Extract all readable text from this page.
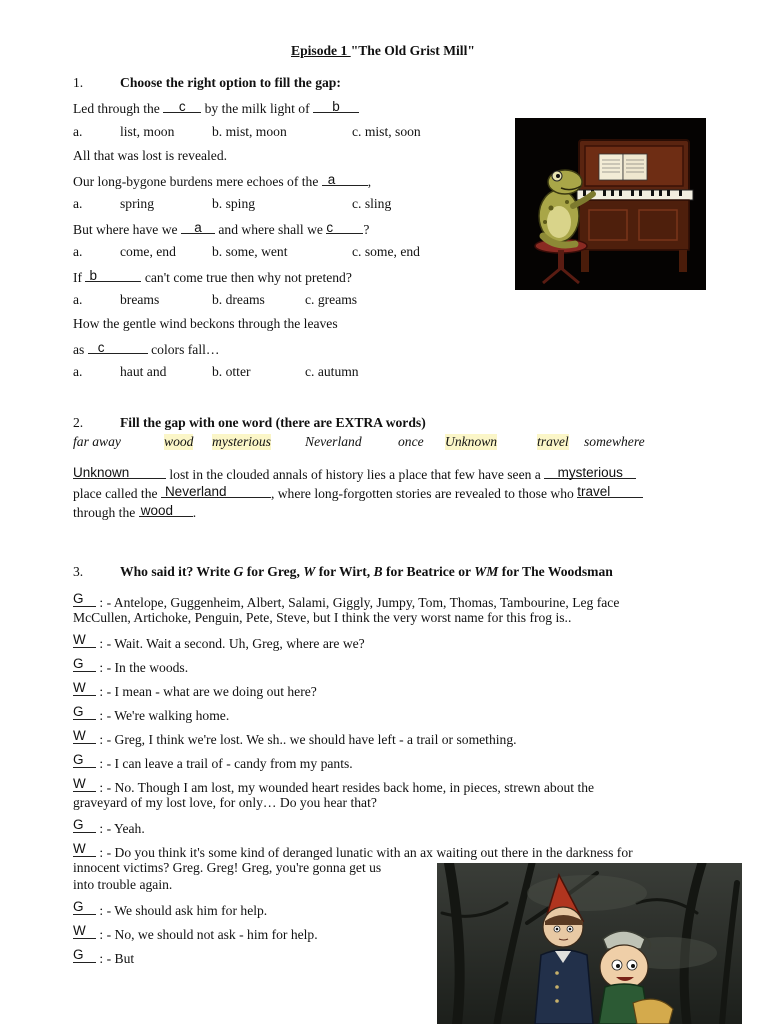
Episode 1 "The Old Grist Mill"
1.	Choose the right option to fill the gap:
Led through the	c	by the milk light of	b
a.	list, moon	b. mist, moon	c. mist, soon
All that was lost is revealed.
Our long-bygone burdens mere echoes of the a	,
a.	spring	b. sping	c. sling
But where have we a and where shall we c	?
a.	come, end	b. some, went	c. some, end
If b	can't come true then why not pretend?
a.	breams	b. dreams	c. greams
How the gentle wind beckons through the leaves
as c	colors fall…
a.	haut and	b. otter	c. autumn
2.	Fill the gap with one word (there are EXTRA words)
far away	wood mysterious	Neverland	once Unknown	travel somewhere
Unknown	lost in the clouded annals of history lies a place that few have seen a mysterious
place called the Neverland	, where long-forgotten stories are revealed to those who travel
through the wood	.
3.	Who said it? Write G for Greg, W for Wirt, B for Beatrice or WM for The Woodsman
G : - Antelope, Guggenheim, Albert, Salami, Giggly, Jumpy, Tom, Thomas, Tambourine, Leg face
McCullen, Artichoke, Penguin, Pete, Steve, but I think the very worst name for this frog is..
W : - Wait. Wait a second. Uh, Greg, where are we?
G : - In the woods.
W : - I mean - what are we doing out here?
G : - We're walking home.
W : - Greg, I think we're lost. We sh.. we should have left - a trail or something.
G : - I can leave a trail of - candy from my pants.
W : - No. Though I am lost, my wounded heart resides back home, in pieces, strewn about the
graveyard of my lost love, for only… Do you hear that?
G : - Yeah.
W : - Do you think it's some kind of deranged lunatic with an ax waiting out there in the darkness for
innocent victims? Greg. Greg! Greg, you're gonna get us
into trouble again.
G : - We should ask him for help.
W : - No, we should not ask - him for help.
G : - But
